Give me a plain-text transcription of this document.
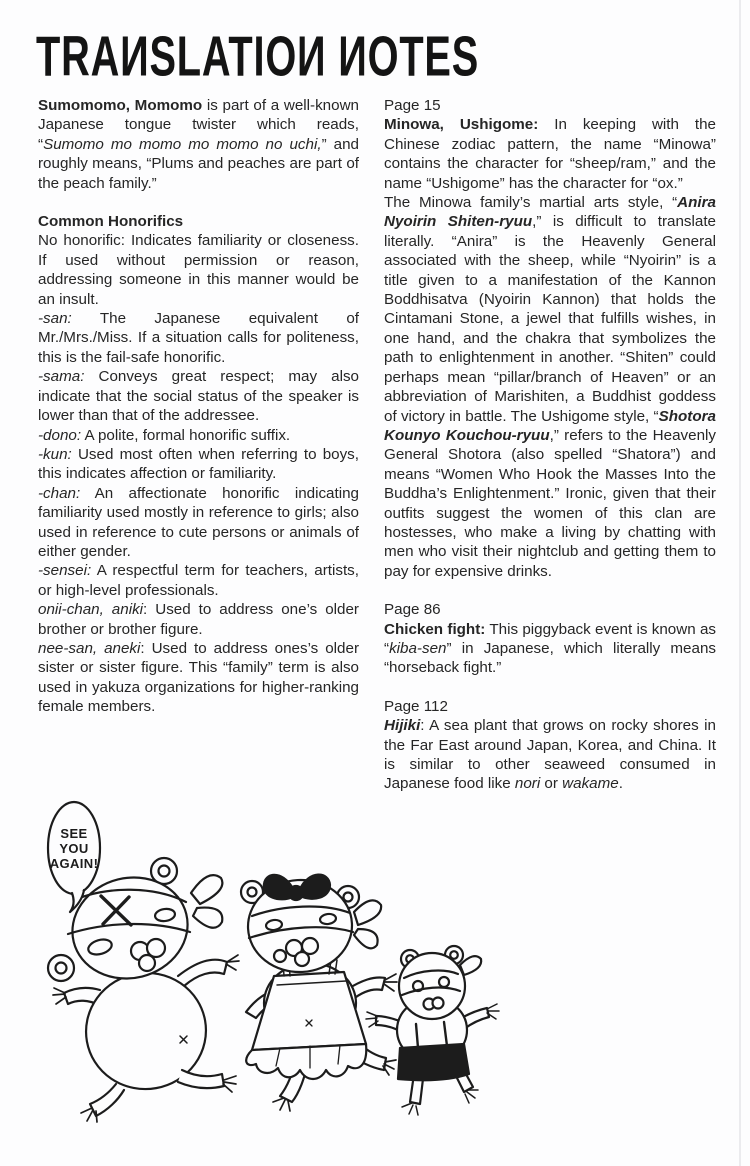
TRAИSLATIOИ ИOTES

Sumomomo, Momomo is part of a well-known Japanese tongue twister which reads, “Sumomo mo momo mo momo no uchi,” and roughly means, “Plums and peaches are part of the peach family.”

Common Honorifics

No honorific: Indicates familiarity or closeness. If used without permission or reason, addressing someone in this manner would be an insult.

-san: The Japanese equivalent of Mr./Mrs./Miss. If a situation calls for politeness, this is the fail-safe honorific.

-sama: Conveys great respect; may also indicate that the social status of the speaker is lower than that of the addressee.

-dono: A polite, formal honorific suffix.

-kun: Used most often when referring to boys, this indicates affection or familiarity.

-chan: An affectionate honorific indicating familiarity used mostly in reference to girls; also used in reference to cute persons or animals of either gender.

-sensei: A respectful term for teachers, artists, or high-level professionals.

onii-chan, aniki: Used to address one’s older brother or brother figure.

nee-san, aneki: Used to address ones’s older sister or sister figure. This “family” term is also used in yakuza organizations for higher-ranking female members.

Page 15

Minowa, Ushigome: In keeping with the Chinese zodiac pattern, the name “Minowa” contains the character for “sheep/ram,” and the name “Ushigome” has the character for “ox.”

The Minowa family’s martial arts style, “Anira Nyoirin Shiten-ryuu,” is difficult to translate literally. “Anira” is the Heavenly General associated with the sheep, while “Nyoirin” is a title given to a manifestation of the Kannon Boddhisatva (Nyoirin Kannon) that holds the Cintamani Stone, a jewel that fulfills wishes, in one hand, and the chakra that symbolizes the path to enlightenment in another. “Shiten” could perhaps mean “pillar/branch of Heaven” or an abbreviation of Marishiten, a Buddhist goddess of victory in battle. The Ushigome style, “Shotora Kounyo Kouchou-ryuu,” refers to the Heavenly General Shotora (also spelled “Shatora”) and means “Women Who Hook the Masses Into the Buddha’s Enlightenment.” Ironic, given that their outfits suggest the women of this clan are hostesses, who make a living by chatting with men who visit their nightclub and getting them to pay for expensive drinks.

Page 86

Chicken fight: This piggyback event is known as “kiba-sen” in Japanese, which literally means “horseback fight.”

Page 112

Hijiki: A sea plant that grows on rocky shores in the Far East around Japan, Korea, and China. It is similar to other seaweed consumed in Japanese food like nori or wakame.

SEE
YOU
AGAIN!
